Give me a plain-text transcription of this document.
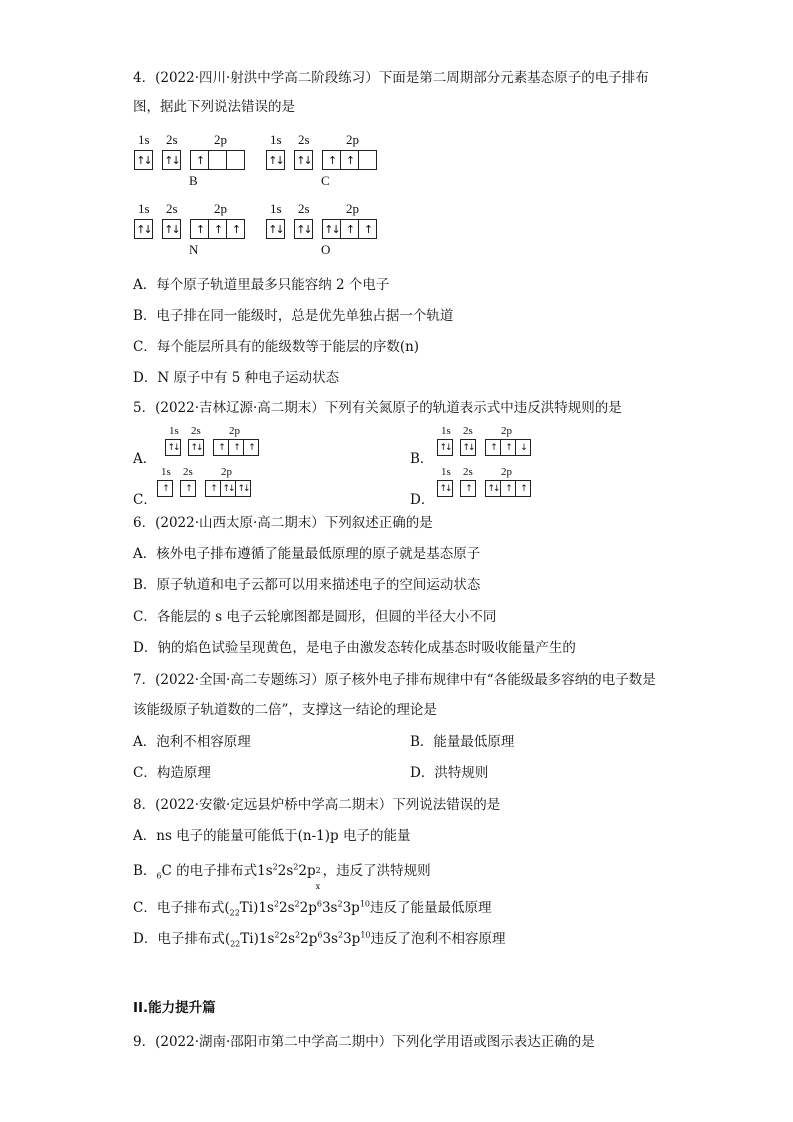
4．(2022·四川·射洪中学高二阶段练习）下面是第二周期部分元素基态原子的电子排布
图，据此下列说法错误的是
1s
↑↓
2s
↑↓
2p
↑
B
1s
↑↓
2s
↑↓
2p
↑ ↑
C
1s
↑↓
2s
↑↓
2p
↑ ↑ ↑
N
1s
↑↓
2s
↑↓
2p
↑↓ ↑ ↑
O
A．每个原子轨道里最多只能容纳 2 个电子
B．电子排在同一能级时，总是优先单独占据一个轨道
C．每个能层所具有的能级数等于能层的序数(n)
D．N 原子中有 5 种电子运动状态
5．(2022·吉林辽源·高二期末）下列有关氮原子的轨道表示式中违反洪特规则的是
A．	B．
C．	D．
1s
↑↓
2s
↑↓
2p
↑	↑	↑
1s
↑↓
2s
↑↓
2p
↑	↑	↓
1s
↑
2s
↑
2p
↑ ↑↓ ↑↓
1s
↑↓
2s
↑
2p
↑↓ ↑	↑
6．(2022·山西太原·高二期末）下列叙述正确的是
A．核外电子排布遵循了能量最低原理的原子就是基态原子
B．原子轨道和电子云都可以用来描述电子的空间运动状态
C．各能层的 s 电子云轮廓图都是圆形，但圆的半径大小不同
D．钠的焰色试验呈现黄色，是电子由激发态转化成基态时吸收能量产生的
7．(2022·全国·高二专题练习）原子核外电子排布规律中有“各能级最多容纳的电子数是
该能级原子轨道数的二倍”，支撑这一结论的理论是
A．泡利不相容原理	B．能量最低原理
C．构造原理	D．洪特规则
8．(2022·安徽·定远县炉桥中学高二期末）下列说法错误的是
A．ns 电子的能量可能低于(n-1)p 电子的能量
B．$_6$C 的电子排布式$1s^22s^22p$ 2
x
，违反了洪特规则
C．电子排布式$(_{22}Ti)1s^22s^22p^63s^23p^{10}$违反了能量最低原理
D．电子排布式$(_{22}Ti)1s^22s^22p^63s^23p^{10}$违反了泡利不相容原理
II.能力提升篇
9．(2022·湖南·邵阳市第二中学高二期中）下列化学用语或图示表达正确的是
